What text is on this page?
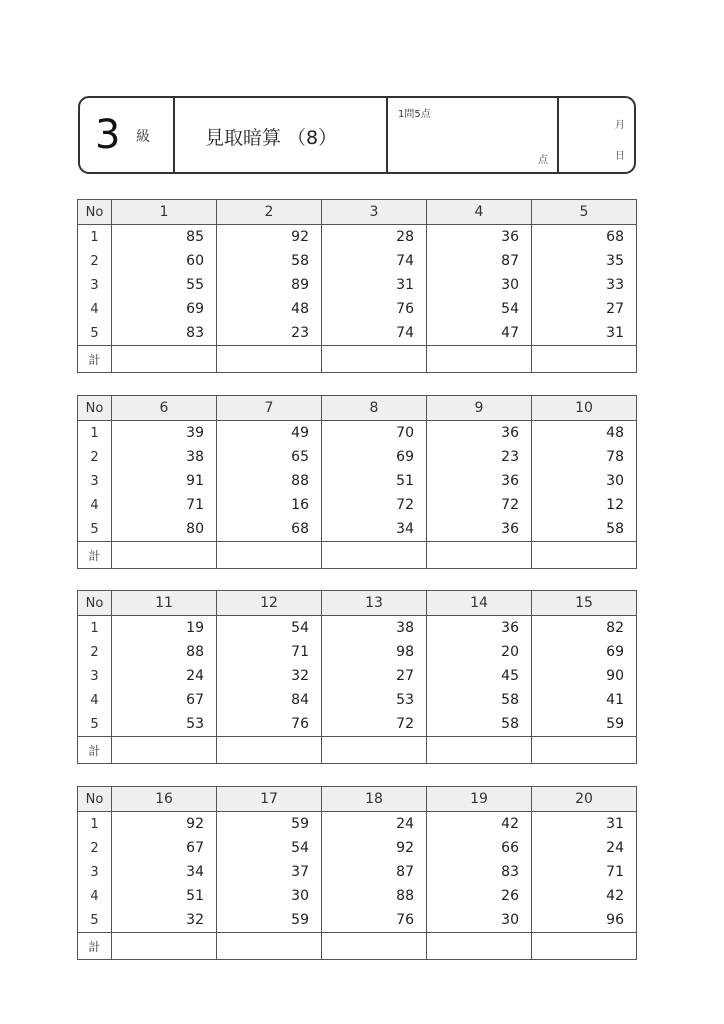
3 級	見取暗算 （8）
1問5点
点
月
日
No	1	2	3	4	5
1	85	92	28	36	68
2	60	58	74	87	35
3	55	89	31	30	33
4	69	48	76	54	27
5	83	23	74	47	31
計					
No	6	7	8	9	10
1	39	49	70	36	48
2	38	65	69	23	78
3	91	88	51	36	30
4	71	16	72	72	12
5	80	68	34	36	58
計					
No	11	12	13	14	15
1	19	54	38	36	82
2	88	71	98	20	69
3	24	32	27	45	90
4	67	84	53	58	41
5	53	76	72	58	59
計					
No	16	17	18	19	20
1	92	59	24	42	31
2	67	54	92	66	24
3	34	37	87	83	71
4	51	30	88	26	42
5	32	59	76	30	96
計					
